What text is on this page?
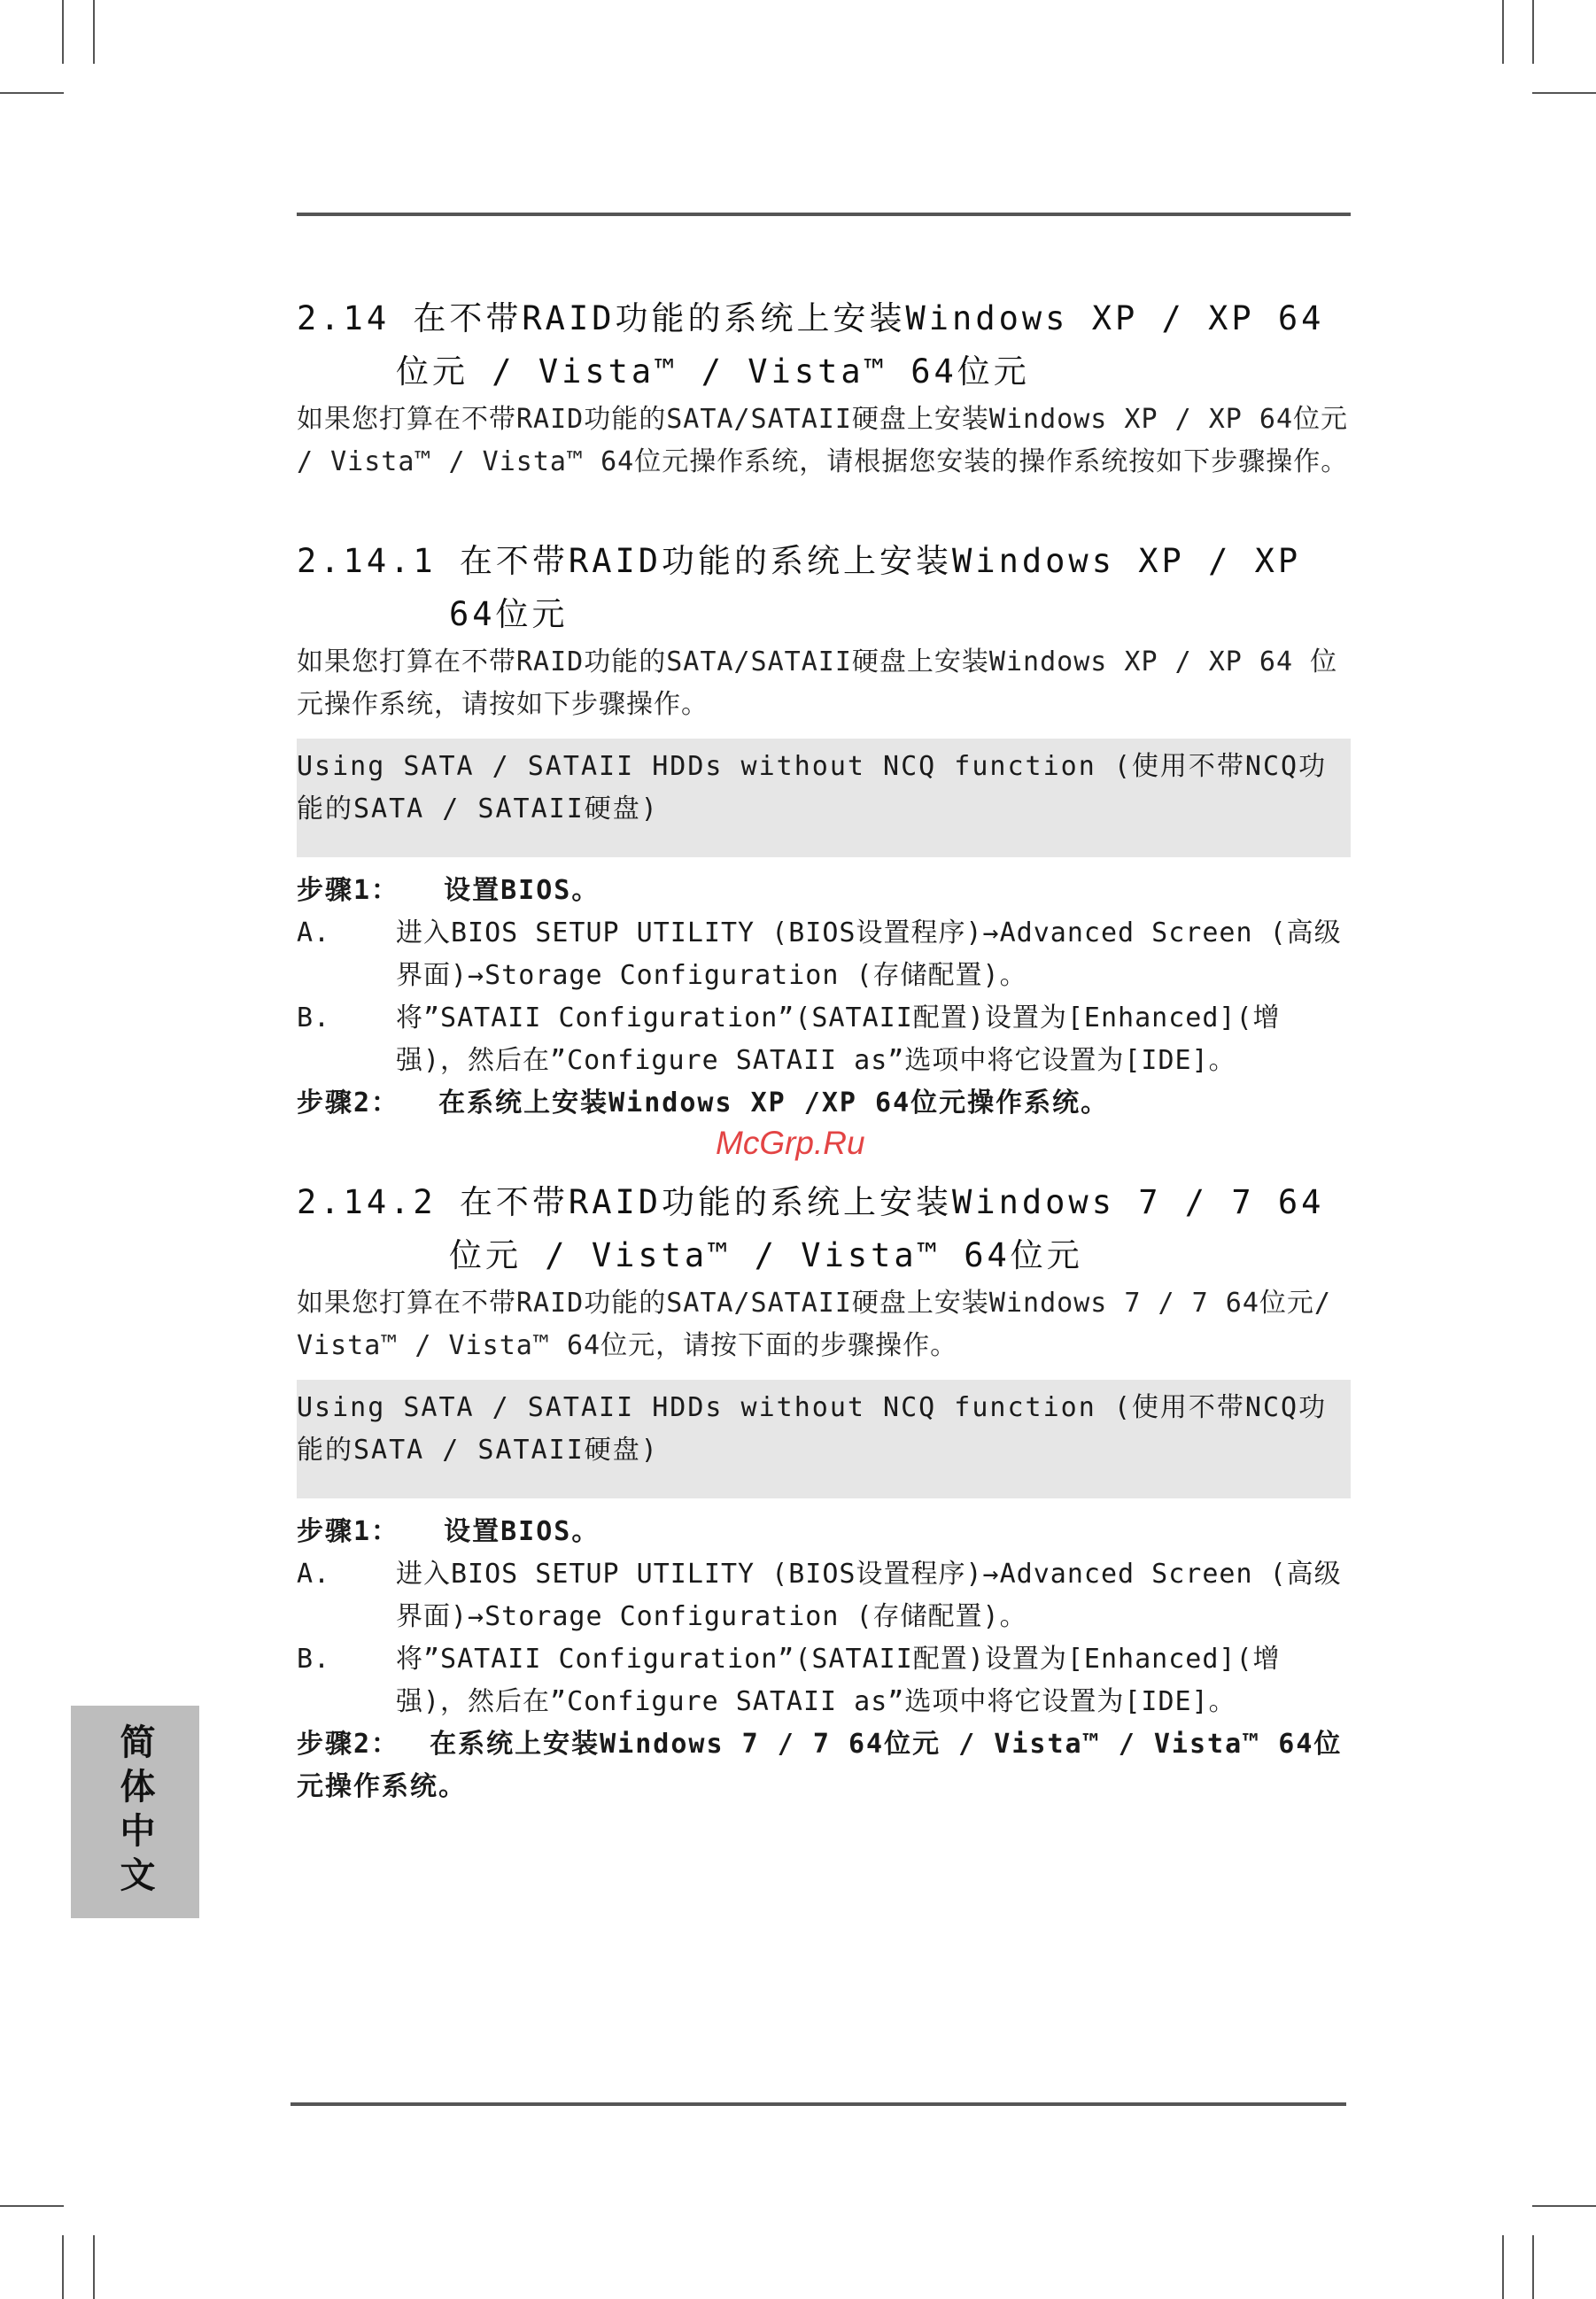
2.14 在不带RAID功能的系统上安装Windows XP / XP 64
位元 / Vista™ / Vista™ 64位元

如果您打算在不带RAID功能的SATA/SATAII硬盘上安装Windows XP / XP 64位元 / Vista™ / Vista™ 64位元操作系统，请根据您安装的操作系统按如下步骤操作。

2.14.1 在不带RAID功能的系统上安装Windows XP / XP
64位元

如果您打算在不带RAID功能的SATA/SATAII硬盘上安装Windows XP / XP 64 位元操作系统，请按如下步骤操作。

Using SATA / SATAII HDDs without NCQ function (使用不带NCQ功能的SATA / SATAII硬盘)

步骤1： 设置BIOS。

A. 进入BIOS SETUP UTILITY (BIOS设置程序)→Advanced Screen (高级界面)→Storage Configuration (存储配置)。
B. 将”SATAII Configuration”(SATAII配置)设置为[Enhanced](增强)，然后在”Configure SATAII as”选项中将它设置为[IDE]。

步骤2： 在系统上安装Windows XP /XP 64位元操作系统。

2.14.2 在不带RAID功能的系统上安装Windows 7 / 7 64
位元 / Vista™ / Vista™ 64位元

如果您打算在不带RAID功能的SATA/SATAII硬盘上安装Windows 7 / 7 64位元/ Vista™ / Vista™ 64位元，请按下面的步骤操作。

Using SATA / SATAII HDDs without NCQ function (使用不带NCQ功能的SATA / SATAII硬盘)

步骤1： 设置BIOS。

A. 进入BIOS SETUP UTILITY (BIOS设置程序)→Advanced Screen (高级界面)→Storage Configuration (存储配置)。
B. 将”SATAII Configuration”(SATAII配置)设置为[Enhanced](增强)，然后在”Configure SATAII as”选项中将它设置为[IDE]。

步骤2： 在系统上安装Windows 7 / 7 64位元 / Vista™ / Vista™ 64位元操作系统。

McGrp.Ru
简体中文
